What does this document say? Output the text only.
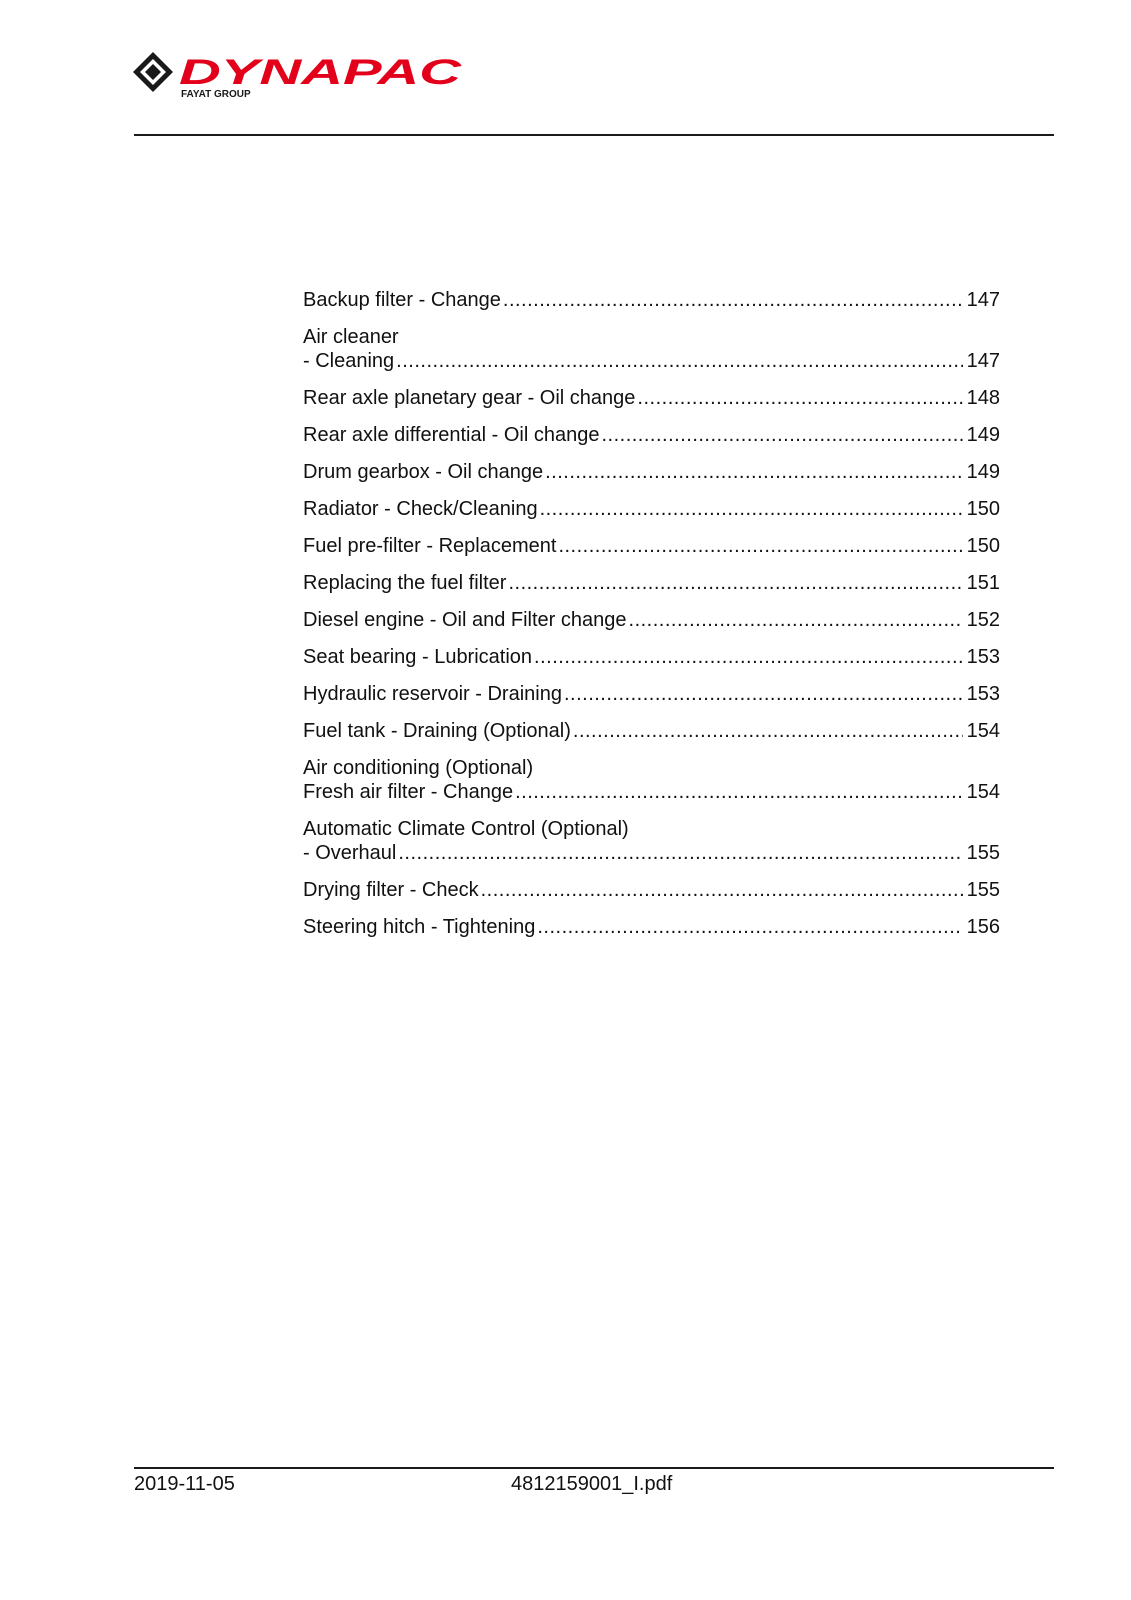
DYNAPAC
FAYAT GROUP
Backup filter - Change .....	147
Air cleaner
- Cleaning .....	147
Rear axle planetary gear - Oil change .....	148
Rear axle differential - Oil change .....	149
Drum gearbox - Oil change .....	149
Radiator - Check/Cleaning .....	150
Fuel pre-filter - Replacement .....	150
Replacing the fuel filter .....	151
Diesel engine - Oil and Filter change .....	152
Seat bearing - Lubrication .....	153
Hydraulic reservoir - Draining .....	153
Fuel tank - Draining (Optional) .....	154
Air conditioning (Optional)
Fresh air filter - Change .....	154
Automatic Climate Control (Optional)
- Overhaul .....	155
Drying filter - Check .....	155
Steering hitch - Tightening .....	156
2019-11-05	4812159001_I.pdf
